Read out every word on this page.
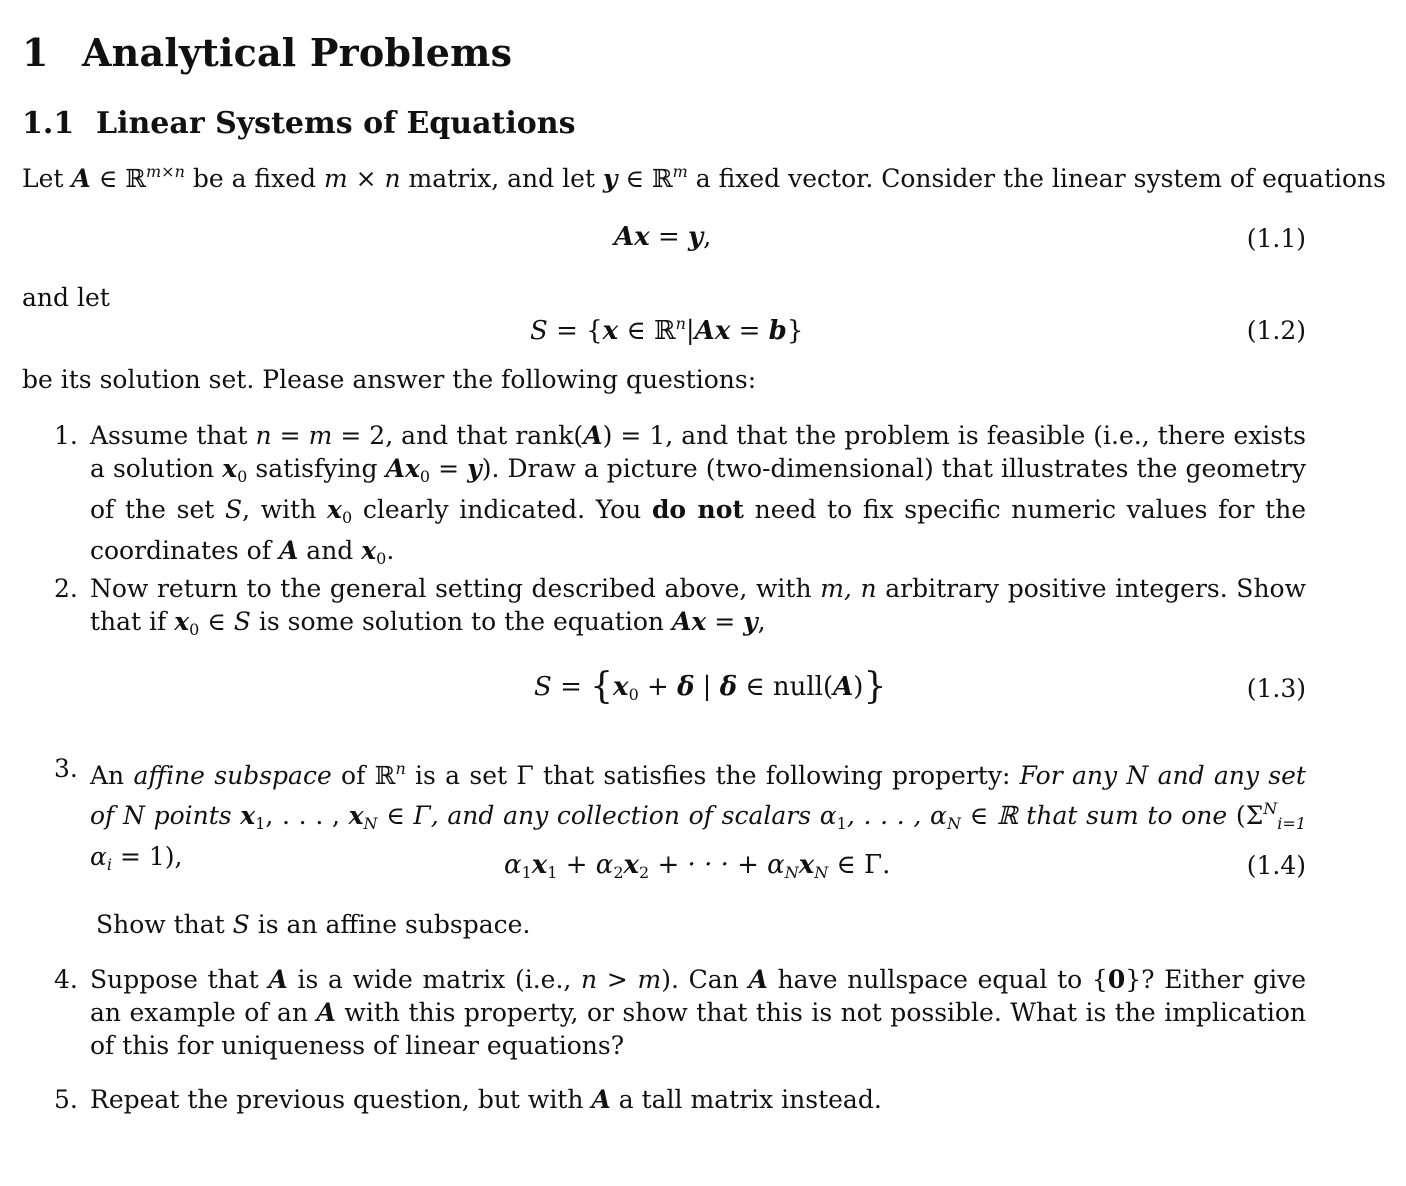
1 Analytical Problems
1.1 Linear Systems of Equations
Let A ∈ ℝ$^{m\times n}$ be a fixed m × n matrix, and let y ∈ ℝ$^m$ a fixed vector. Consider the linear system of equations
Ax = y,	(1.1)
and let
S = {x ∈ ℝ$^n$|Ax = b}	(1.2)
be its solution set. Please answer the following questions:
1. Assume that n = m = 2, and that rank(A) = 1, and that the problem is feasible (i.e., there exists a solution $x_0$ satisfying $Ax_0 = y$). Draw a picture (two-dimensional) that illustrates the geometry of the set S, with $x_0$ clearly indicated. You do not need to fix specific numeric values for the coordinates of A and $x_0$.
2. Now return to the general setting described above, with m, n arbitrary positive integers. Show that if $x_0$ ∈ S is some solution to the equation Ax = y,
$S = \{x_0 + \delta$ | δ ∈ null(A)}	(1.3)
3. An affine subspace of ℝ$^n$ is a set Γ that satisfies the following property: For any N and any set of N points $x_1$, . . . , $x_N$ ∈ Γ, and any collection of scalars $\alpha_1$, . . . , $\alpha_N$ ∈ ℝ that sum to one ($\Sigma^N_{i=1}$ $\alpha_i = 1$),	$\alpha_1x_1 + \alpha_2x_2$ + · · · + $\alpha_Nx_N$ ∈ Γ.	(1.4)
Show that S is an affine subspace.
4. Suppose that A is a wide matrix (i.e., n > m). Can A have nullspace equal to {0}? Either give an example of an A with this property, or show that this is not possible. What is the implication of this for uniqueness of linear equations?
5. Repeat the previous question, but with A a tall matrix instead.
